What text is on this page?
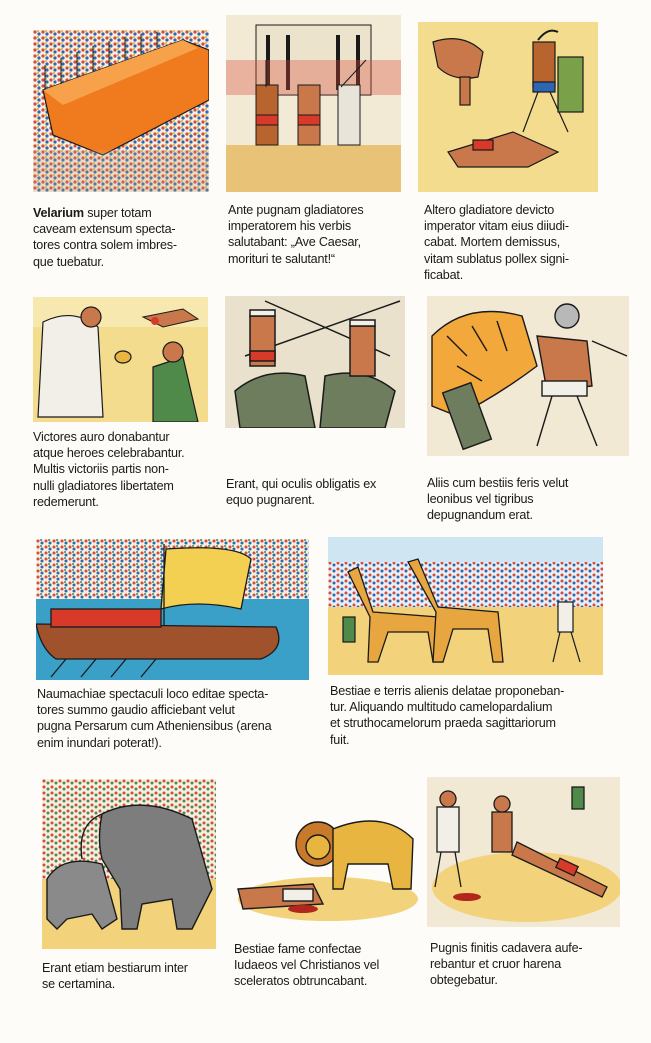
Velarium super totam
caveam extensum specta-
tores contra solem imbres-
que tuebatur.
Ante pugnam gladiatores
imperatorem his verbis
salutabant: „Ave Caesar,
morituri te salutant!“
Altero gladiatore devicto
imperator vitam eius diiudi-
cabat. Mortem demissus,
vitam sublatus pollex signi-
ficabat.
Victores auro donabantur
atque heroes celebrabantur.
Multis victoriis partis non-
nulli gladiatores libertatem
redemerunt.
Erant, qui oculis obligatis ex
equo pugnarent.
Aliis cum bestiis feris velut
leonibus vel tigribus
depugnandum erat.
Naumachiae spectaculi loco editae specta-
tores summo gaudio afficiebant velut
pugna Persarum cum Atheniensibus (arena
enim inundari poterat!).
Bestiae e terris alienis delatae proponeban-
tur. Aliquando multitudo camelopardalium
et struthocamelorum praeda sagittariorum
fuit.
Erant etiam bestiarum inter
se certamina.
Bestiae fame confectae
Iudaeos vel Christianos vel
sceleratos obtruncabant.
Pugnis finitis cadavera aufe-
rebantur et cruor harena
obtegebatur.
